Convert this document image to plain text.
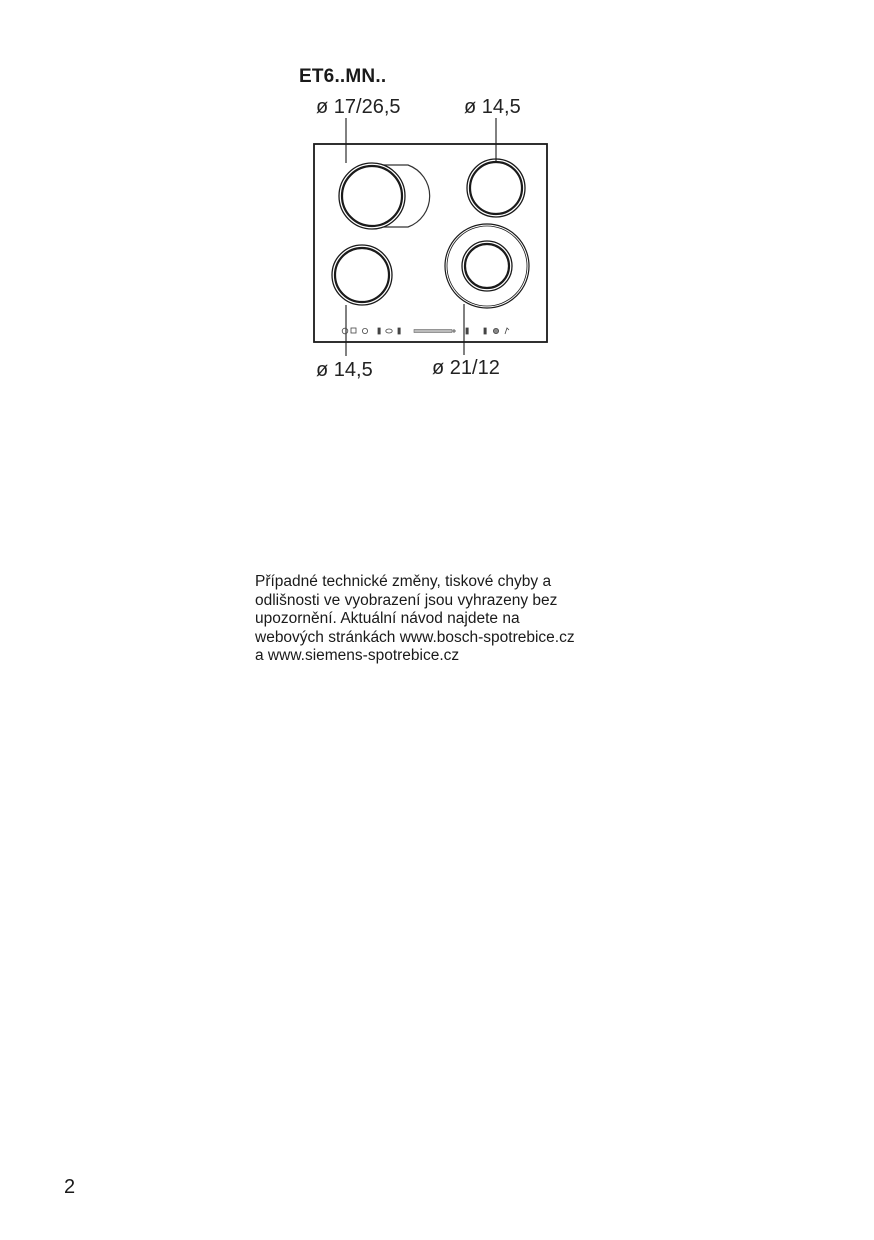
ET6..MN..
ø 17/26,5	ø 14,5
ø 14,5	ø 21/12
Případné technické změny, tiskové chyby a
odlišnosti ve vyobrazení jsou vyhrazeny bez
upozornění. Aktuální návod najdete na
webových stránkách www.bosch-spotrebice.cz
a www.siemens-spotrebice.cz
2
